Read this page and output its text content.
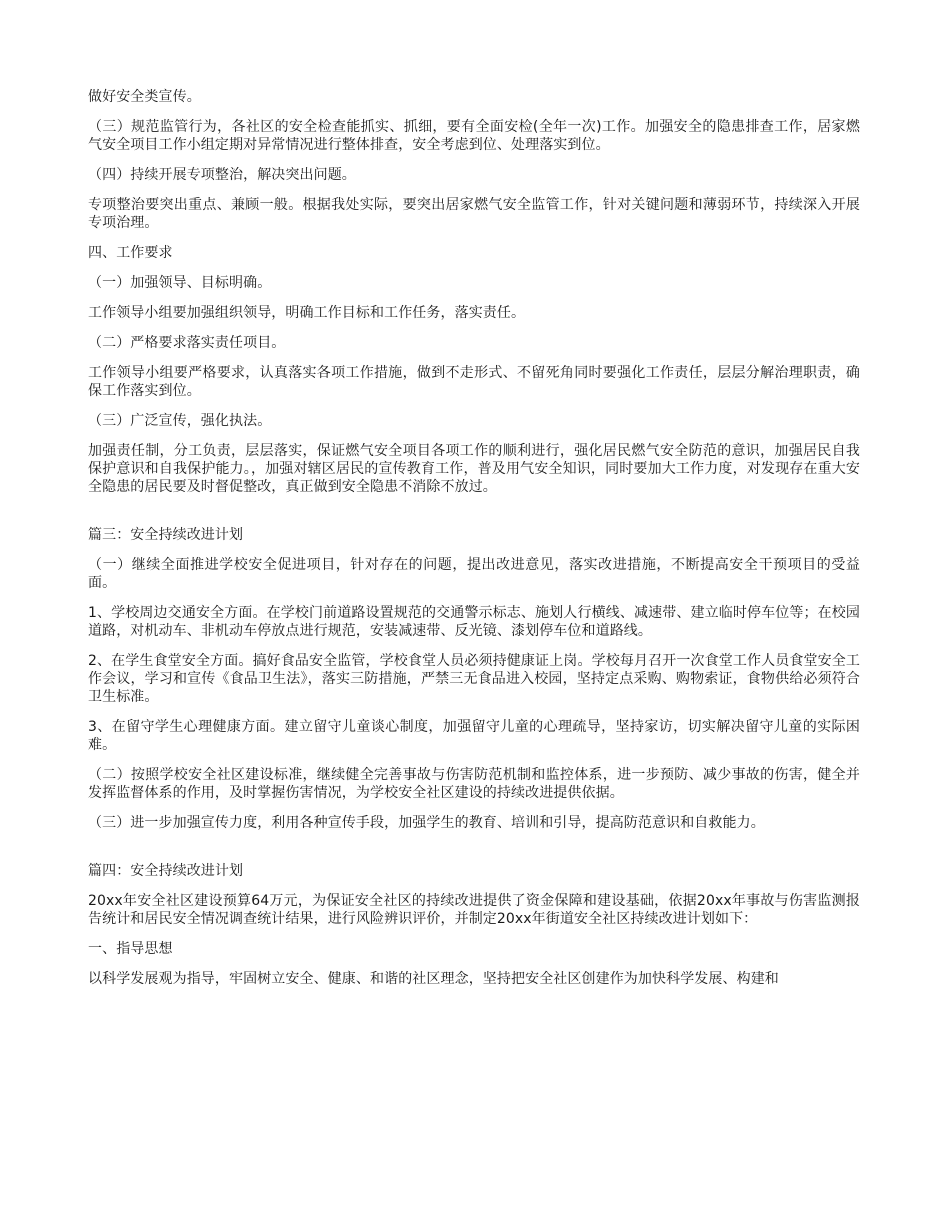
做好安全类宣传。

（三）规范监管行为，各社区的安全检查能抓实、抓细，要有全面安检(全年一次)工作。加强安全的隐患排查工作，居家燃气安全项目工作小组定期对异常情况进行整体排查，安全考虑到位、处理落实到位。

（四）持续开展专项整治，解决突出问题。

专项整治要突出重点、兼顾一般。根据我处实际，要突出居家燃气安全监管工作，针对关键问题和薄弱环节，持续深入开展专项治理。

四、工作要求

（一）加强领导、目标明确。

工作领导小组要加强组织领导，明确工作目标和工作任务，落实责任。

（二）严格要求落实责任项目。

工作领导小组要严格要求，认真落实各项工作措施，做到不走形式、不留死角同时要强化工作责任，层层分解治理职责，确保工作落实到位。

（三）广泛宣传，强化执法。

加强责任制，分工负责，层层落实，保证燃气安全项目各项工作的顺利进行，强化居民燃气安全防范的意识，加强居民自我保护意识和自我保护能力。，加强对辖区居民的宣传教育工作，普及用气安全知识，同时要加大工作力度，对发现存在重大安全隐患的居民要及时督促整改，真正做到安全隐患不消除不放过。

篇三：安全持续改进计划

（一）继续全面推进学校安全促进项目，针对存在的问题，提出改进意见，落实改进措施，不断提高安全干预项目的受益面。

1、学校周边交通安全方面。在学校门前道路设置规范的交通警示标志、施划人行横线、减速带、建立临时停车位等；在校园道路，对机动车、非机动车停放点进行规范，安装减速带、反光镜、漆划停车位和道路线。

2、在学生食堂安全方面。搞好食品安全监管，学校食堂人员必须持健康证上岗。学校每月召开一次食堂工作人员食堂安全工作会议，学习和宣传《食品卫生法》，落实三防措施，严禁三无食品进入校园，坚持定点采购、购物索证，食物供给必须符合卫生标准。

3、在留守学生心理健康方面。建立留守儿童谈心制度，加强留守儿童的心理疏导，坚持家访，切实解决留守儿童的实际困难。

（二）按照学校安全社区建设标准，继续健全完善事故与伤害防范机制和监控体系，进一步预防、减少事故的伤害，健全并发挥监督体系的作用，及时掌握伤害情况，为学校安全社区建设的持续改进提供依据。

（三）进一步加强宣传力度，利用各种宣传手段，加强学生的教育、培训和引导，提高防范意识和自救能力。

篇四：安全持续改进计划

20xx年安全社区建设预算64万元，为保证安全社区的持续改进提供了资金保障和建设基础，依据20xx年事故与伤害监测报告统计和居民安全情况调查统计结果，进行风险辨识评价，并制定20xx年街道安全社区持续改进计划如下：

一、指导思想

以科学发展观为指导，牢固树立安全、健康、和谐的社区理念，坚持把安全社区创建作为加快科学发展、构建和
